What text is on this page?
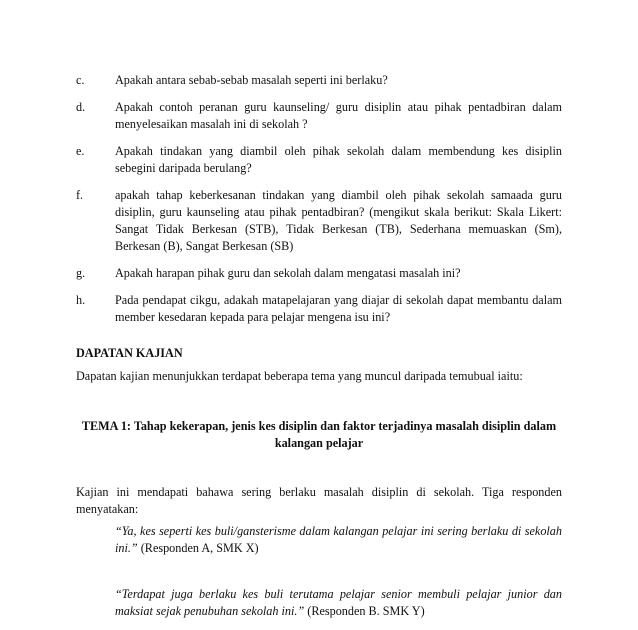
c.	Apakah antara sebab-sebab masalah seperti ini berlaku?
d.	Apakah contoh peranan guru kaunseling/ guru disiplin atau pihak pentadbiran dalam menyelesaikan masalah ini di sekolah ?
e.	Apakah tindakan yang diambil oleh pihak sekolah dalam membendung kes disiplin sebegini daripada berulang?
f.	apakah tahap keberkesanan tindakan yang diambil oleh pihak sekolah samaada guru disiplin, guru kaunseling atau pihak pentadbiran? (mengikut skala berikut: Skala Likert: Sangat Tidak Berkesan (STB), Tidak Berkesan (TB), Sederhana memuaskan (Sm), Berkesan (B), Sangat Berkesan (SB)
g.	Apakah harapan pihak guru dan sekolah dalam mengatasi masalah ini?
h.	Pada pendapat cikgu, adakah matapelajaran yang diajar di sekolah dapat membantu dalam member kesedaran kepada para pelajar mengena isu ini?
DAPATAN KAJIAN
Dapatan kajian menunjukkan terdapat beberapa tema yang muncul daripada temubual iaitu:
TEMA 1: Tahap kekerapan, jenis kes disiplin dan faktor terjadinya masalah disiplin dalam kalangan pelajar
Kajian ini mendapati bahawa sering berlaku masalah disiplin di sekolah. Tiga responden menyatakan:
“Ya, kes seperti kes buli/gansterisme dalam kalangan pelajar ini sering berlaku di sekolah ini.” (Responden A, SMK X)
“Terdapat juga berlaku kes buli terutama pelajar senior membuli pelajar junior dan maksiat sejak penubuhan sekolah ini.” (Responden B. SMK Y)
